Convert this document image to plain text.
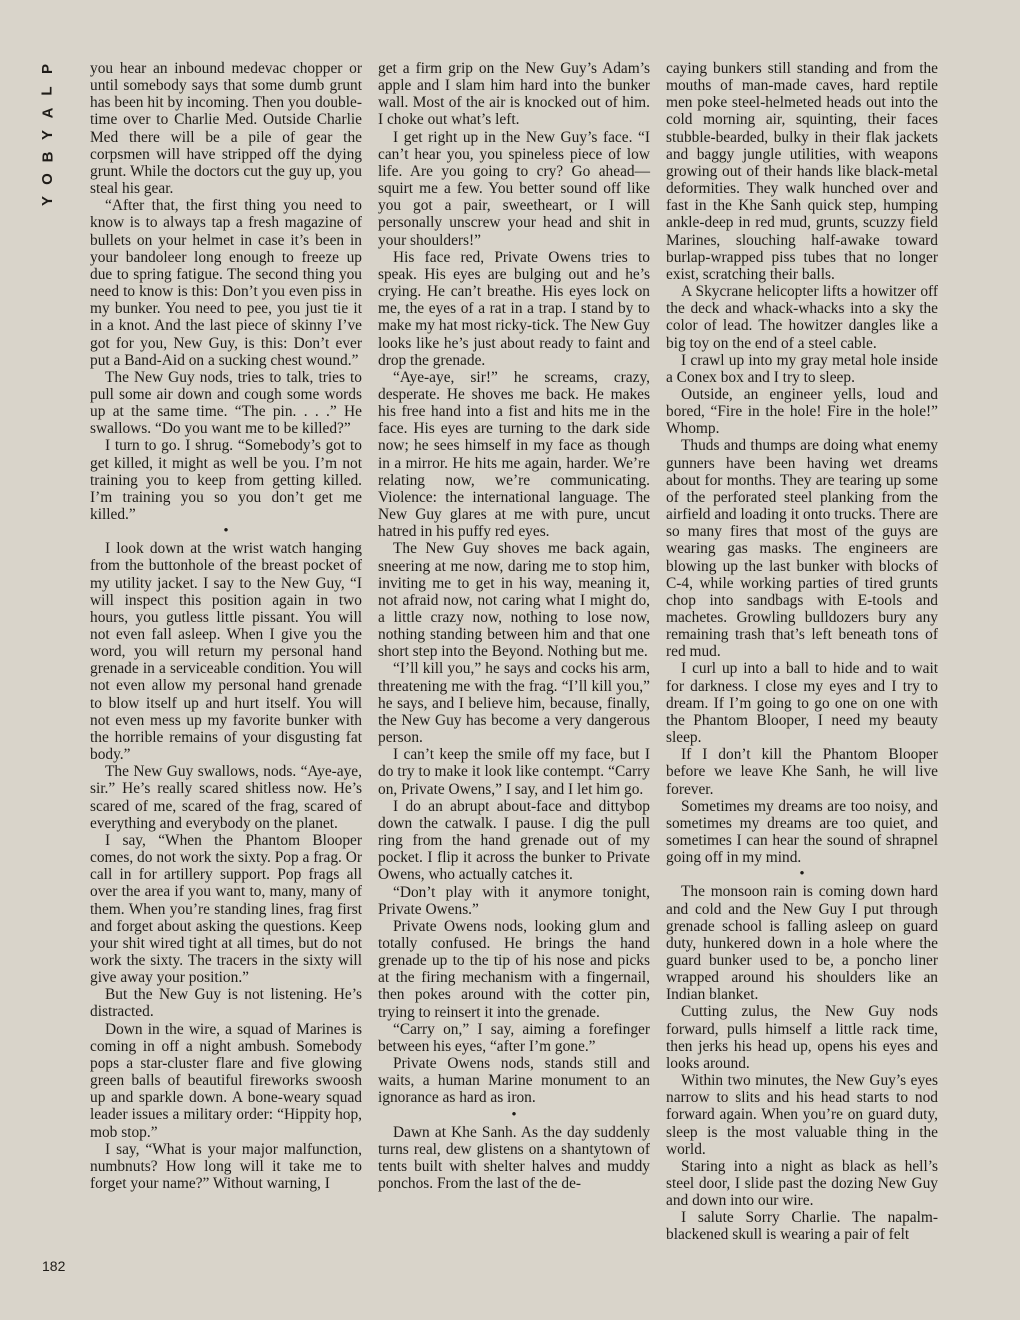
P
L
A
Y
B
O
Y

you hear an inbound medevac chopper or until somebody says that some dumb grunt has been hit by incoming. Then you double-time over to Charlie Med. Outside Charlie Med there will be a pile of gear the corpsmen will have stripped off the dying grunt. While the doctors cut the guy up, you steal his gear.

“After that, the first thing you need to know is to always tap a fresh magazine of bullets on your helmet in case it’s been in your bandoleer long enough to freeze up due to spring fatigue. The second thing you need to know is this: Don’t you even piss in my bunker. You need to pee, you just tie it in a knot. And the last piece of skinny I’ve got for you, New Guy, is this: Don’t ever put a Band-Aid on a sucking chest wound.”

The New Guy nods, tries to talk, tries to pull some air down and cough some words up at the same time. “The pin. . . .” He swallows. “Do you want me to be killed?”

I turn to go. I shrug. “Somebody’s got to get killed, it might as well be you. I’m not training you to keep from getting killed. I’m training you so you don’t get me killed.”

•

I look down at the wrist watch hanging from the buttonhole of the breast pocket of my utility jacket. I say to the New Guy, “I will inspect this position again in two hours, you gutless little pissant. You will not even fall asleep. When I give you the word, you will return my personal hand grenade in a serviceable condition. You will not even allow my personal hand grenade to blow itself up and hurt itself. You will not even mess up my favorite bunker with the horrible remains of your disgusting fat body.”

The New Guy swallows, nods. “Aye-aye, sir.” He’s really scared shitless now. He’s scared of me, scared of the frag, scared of everything and everybody on the planet.

I say, “When the Phantom Blooper comes, do not work the sixty. Pop a frag. Or call in for artillery support. Pop frags all over the area if you want to, many, many of them. When you’re standing lines, frag first and forget about asking the questions. Keep your shit wired tight at all times, but do not work the sixty. The tracers in the sixty will give away your position.”

But the New Guy is not listening. He’s distracted.

Down in the wire, a squad of Marines is coming in off a night ambush. Somebody pops a star-cluster flare and five glowing green balls of beautiful fireworks swoosh up and sparkle down. A bone-weary squad leader issues a military order: “Hippity hop, mob stop.”

I say, “What is your major malfunction, numbnuts? How long will it take me to forget your name?” Without warning, I

get a firm grip on the New Guy’s Adam’s apple and I slam him hard into the bunker wall. Most of the air is knocked out of him. I choke out what’s left.

I get right up in the New Guy’s face. “I can’t hear you, you spineless piece of low life. Are you going to cry? Go ahead—squirt me a few. You better sound off like you got a pair, sweetheart, or I will personally unscrew your head and shit in your shoulders!”

His face red, Private Owens tries to speak. His eyes are bulging out and he’s crying. He can’t breathe. His eyes lock on me, the eyes of a rat in a trap. I stand by to make my hat most ricky-tick. The New Guy looks like he’s just about ready to faint and drop the grenade.

“Aye-aye, sir!” he screams, crazy, desperate. He shoves me back. He makes his free hand into a fist and hits me in the face. His eyes are turning to the dark side now; he sees himself in my face as though in a mirror. He hits me again, harder. We’re relating now, we’re communicating. Violence: the international language. The New Guy glares at me with pure, uncut hatred in his puffy red eyes.

The New Guy shoves me back again, sneering at me now, daring me to stop him, inviting me to get in his way, meaning it, not afraid now, not caring what I might do, a little crazy now, nothing to lose now, nothing standing between him and that one short step into the Beyond. Nothing but me.

“I’ll kill you,” he says and cocks his arm, threatening me with the frag. “I’ll kill you,” he says, and I believe him, because, finally, the New Guy has become a very dangerous person.

I can’t keep the smile off my face, but I do try to make it look like contempt. “Carry on, Private Owens,” I say, and I let him go.

I do an abrupt about-face and dittybop down the catwalk. I pause. I dig the pull ring from the hand grenade out of my pocket. I flip it across the bunker to Private Owens, who actually catches it.

“Don’t play with it anymore tonight, Private Owens.”

Private Owens nods, looking glum and totally confused. He brings the hand grenade up to the tip of his nose and picks at the firing mechanism with a fingernail, then pokes around with the cotter pin, trying to reinsert it into the grenade.

“Carry on,” I say, aiming a forefinger between his eyes, “after I’m gone.”

Private Owens nods, stands still and waits, a human Marine monument to an ignorance as hard as iron.

•

Dawn at Khe Sanh. As the day suddenly turns real, dew glistens on a shantytown of tents built with shelter halves and muddy ponchos. From the last of the de-

caying bunkers still standing and from the mouths of man-made caves, hard reptile men poke steel-helmeted heads out into the cold morning air, squinting, their faces stubble-bearded, bulky in their flak jackets and baggy jungle utilities, with weapons growing out of their hands like black-metal deformities. They walk hunched over and fast in the Khe Sanh quick step, humping ankle-deep in red mud, grunts, scuzzy field Marines, slouching half-awake toward burlap-wrapped piss tubes that no longer exist, scratching their balls.

A Skycrane helicopter lifts a howitzer off the deck and whack-whacks into a sky the color of lead. The howitzer dangles like a big toy on the end of a steel cable.

I crawl up into my gray metal hole inside a Conex box and I try to sleep.

Outside, an engineer yells, loud and bored, “Fire in the hole! Fire in the hole!” Whomp.

Thuds and thumps are doing what enemy gunners have been having wet dreams about for months. They are tearing up some of the perforated steel planking from the airfield and loading it onto trucks. There are so many fires that most of the guys are wearing gas masks. The engineers are blowing up the last bunker with blocks of C-4, while working parties of tired grunts chop into sandbags with E-tools and machetes. Growling bulldozers bury any remaining trash that’s left beneath tons of red mud.

I curl up into a ball to hide and to wait for darkness. I close my eyes and I try to dream. If I’m going to go one on one with the Phantom Blooper, I need my beauty sleep.

If I don’t kill the Phantom Blooper before we leave Khe Sanh, he will live forever.

Sometimes my dreams are too noisy, and sometimes my dreams are too quiet, and sometimes I can hear the sound of shrapnel going off in my mind.

•

The monsoon rain is coming down hard and cold and the New Guy I put through grenade school is falling asleep on guard duty, hunkered down in a hole where the guard bunker used to be, a poncho liner wrapped around his shoulders like an Indian blanket.

Cutting zulus, the New Guy nods forward, pulls himself a little rack time, then jerks his head up, opens his eyes and looks around.

Within two minutes, the New Guy’s eyes narrow to slits and his head starts to nod forward again. When you’re on guard duty, sleep is the most valuable thing in the world.

Staring into a night as black as hell’s steel door, I slide past the dozing New Guy and down into our wire.

I salute Sorry Charlie. The napalm-blackened skull is wearing a pair of felt

182
